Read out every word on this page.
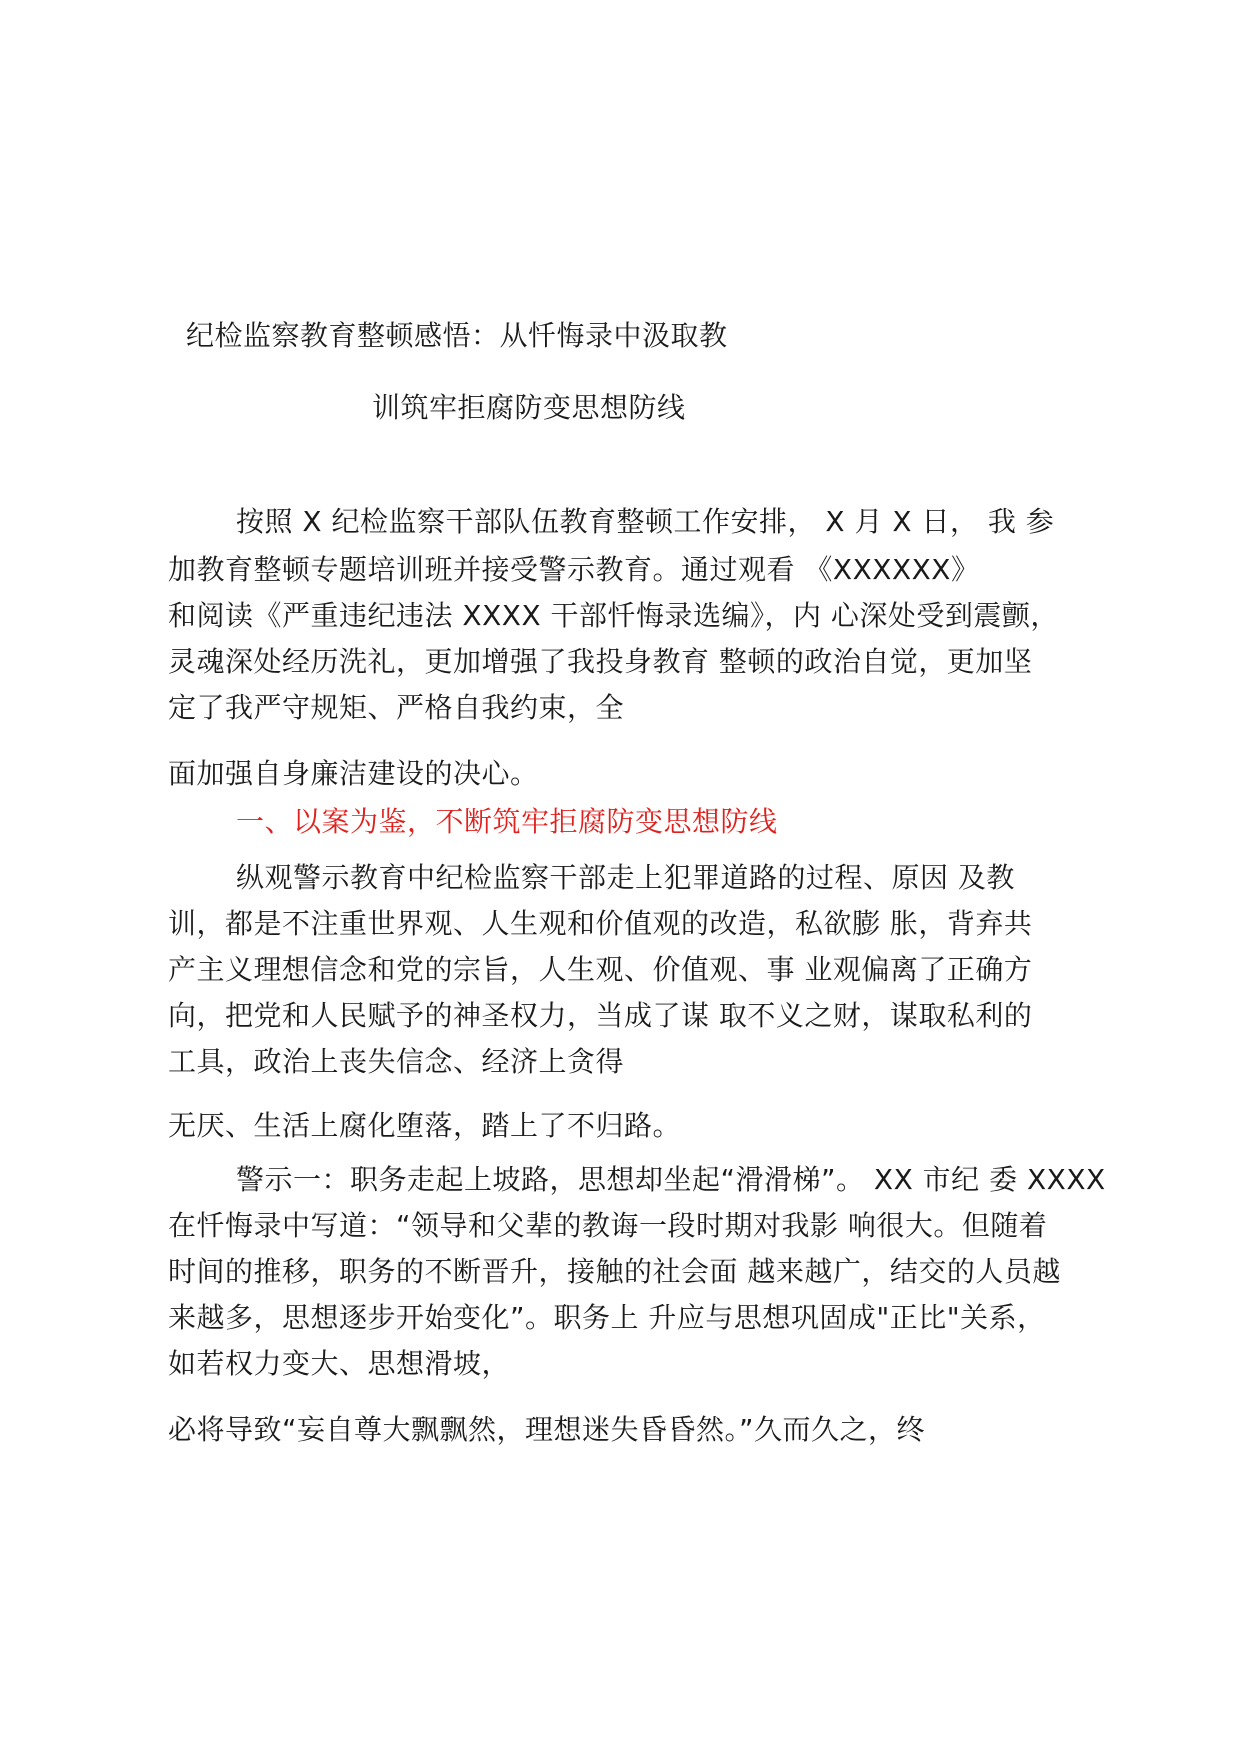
纪检监察教育整顿感悟：从忏悔录中汲取教
训筑牢拒腐防变思想防线
按照 X 纪检监察干部队伍教育整顿工作安排， X 月 X 日， 我 参
加教育整顿专题培训班并接受警示教育。通过观看 《XXXXXX》
和阅读《严重违纪违法 XXXX 干部忏悔录选编》，内 心深处受到震颤，
灵魂深处经历洗礼，更加增强了我投身教育 整顿的政治自觉，更加坚
定了我严守规矩、严格自我约束，全
面加强自身廉洁建设的决心。
一、以案为鉴，不断筑牢拒腐防变思想防线
纵观警示教育中纪检监察干部走上犯罪道路的过程、原因 及教
训，都是不注重世界观、人生观和价值观的改造，私欲膨 胀，背弃共
产主义理想信念和党的宗旨，人生观、价值观、事 业观偏离了正确方
向，把党和人民赋予的神圣权力，当成了谋 取不义之财，谋取私利的
工具，政治上丧失信念、经济上贪得
无厌、生活上腐化堕落，踏上了不归路。
警示一：职务走起上坡路，思想却坐起“滑滑梯”。 XX 市纪 委 XXXX
在忏悔录中写道：“领导和父辈的教诲一段时期对我影 响很大。但随着
时间的推移，职务的不断晋升，接触的社会面 越来越广，结交的人员越
来越多，思想逐步开始变化”。职务上 升应与思想巩固成"正比"关系，
如若权力变大、思想滑坡，
必将导致“妄自尊大飘飘然，理想迷失昏昏然。”久而久之，终
